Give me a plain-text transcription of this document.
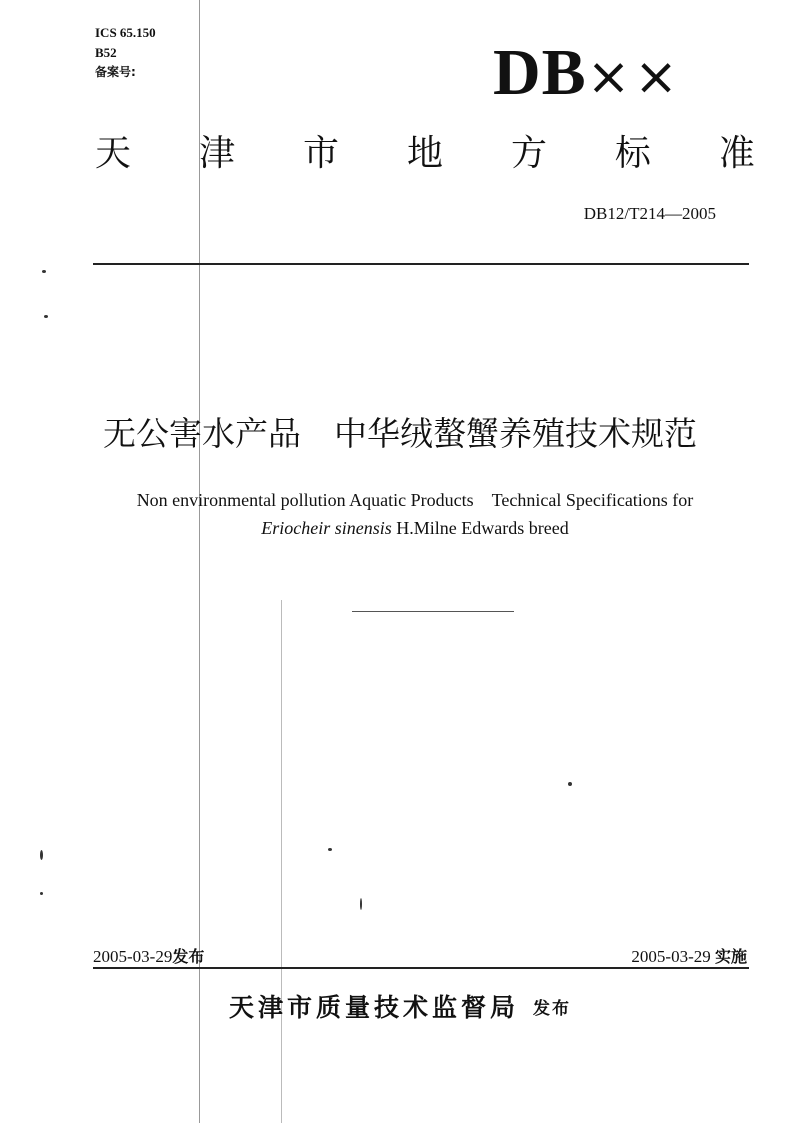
ICS 65.150
B52
备案号:	DB××
天 津 市 地 方 标 准
DB12/T214—2005
无公害水产品　中华绒螯蟹养殖技术规范
Non environmental pollution Aquatic Products　Technical Specifications for
Eriocheir sinensis H.Milne Edwards breed
2005-03-29发布	2005-03-29 实施
天津市质量技术监督局 发布
